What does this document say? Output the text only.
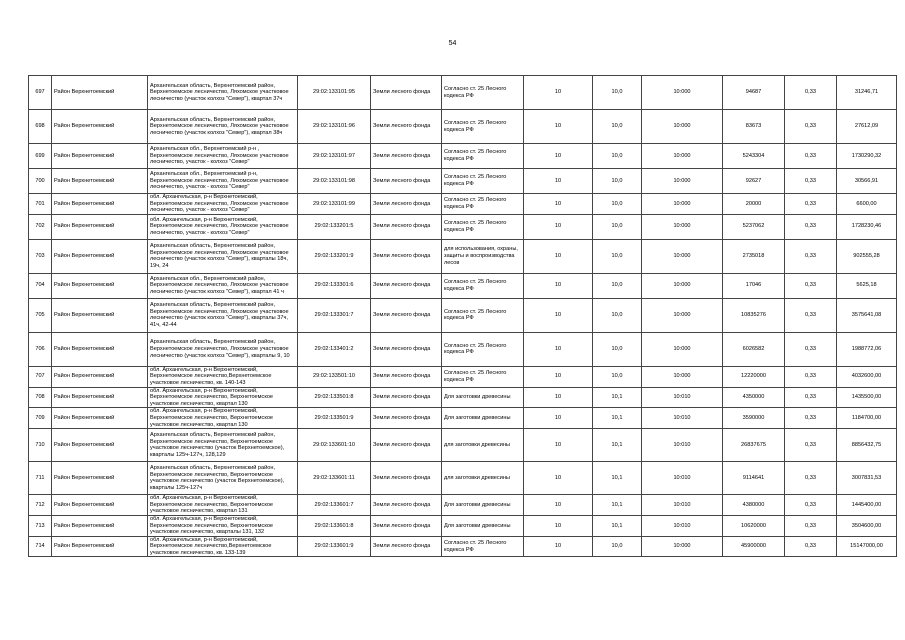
54
697	Район Верхнетоемский	Архангельская область, Верхнетоемский район, Верхнетоемское лесничество, Ляхомское участковое лесничество (участок колхоз "Север"), квартал 37ч	29:02:133101:95	Земли лесного фонда	Согласно ст. 25 Лесного кодекса РФ	10	10,0	10:000	94687	0,33	31246,71
698	Район Верхнетоемский	Архангельская область, Верхнетоемский район, Верхнетоемское лесничество, Ляхомское участковое лесничество (участок колхоз "Север"), квартал 38ч	29:02:133101:96	Земли лесного фонда	Согласно ст. 25 Лесного кодекса РФ	10	10,0	10:000	83673	0,33	27612,09
699	Район Верхнетоемский	Архангельская обл., Верхнетоемский р-н , Верхнетоемское лесничество, Ляхомское участковое лесничество, участок - колхоз "Север"	29:02:133101:97	Земли лесного фонда	Согласно ст. 25 Лесного кодекса РФ	10	10,0	10:000	5243304	0,33	1730290,32
700	Район Верхнетоемский	Архангельская обл., Верхнетоемский р-н, Верхнетоемское лесничество, Ляхомское участковое лесничество, участок - колхоз "Север"	29:02:133101:98	Земли лесного фонда	Согласно ст. 25 Лесного кодекса РФ	10	10,0	10:000	92627	0,33	30566,91
701	Район Верхнетоемский	обл. Архангельская, р-н Верхнетоемский, Верхнетоемское лесничество, Ляхомское участковое лесничество, участок - колхоз "Север"	29:02:133101:99	Земли лесного фонда	Согласно ст. 25 Лесного кодекса РФ	10	10,0	10:000	20000	0,33	6600,00
702	Район Верхнетоемский	обл. Архангельская, р-н Верхнетоемский, Верхнетоемское лесничество, Ляхомское участковое лесничество, участок - колхоз "Север"	29:02:133201:5	Земли лесного фонда	Согласно ст. 25 Лесного кодекса РФ	10	10,0	10:000	5237062	0,33	1728230,46
703	Район Верхнетоемский	Архангельская область, Верхнетоемский район, Верхнетоемское лесничество, Ляхомское участковое лесничество (участок колхоз "Север"), кварталы 18ч, 19ч, 24	29:02:133201:9	Земли лесного фонда	для использования, охраны, защиты и воспроизводства лесов	10	10,0	10:000	2735018	0,33	902555,28
704	Район Верхнетоемский	Архангельская обл., Верхнетоемский район, Верхнетоемское лесничество, Ляхомское участковое лесничество (участок колхоз "Север"), квартал 41 ч	29:02:133301:6	Земли лесного фонда	Согласно ст. 25 Лесного кодекса РФ	10	10,0	10:000	17046	0,33	5625,18
705	Район Верхнетоемский	Архангельская область, Верхнетоемский район, Верхнетоемское лесничество, Ляхомское участковое лесничество (участок колхоз "Север"), кварталы 37ч, 41ч, 42-44	29:02:133301:7	Земли лесного фонда	Согласно ст. 25 Лесного кодекса РФ	10	10,0	10:000	10835276	0,33	3575641,08
706	Район Верхнетоемский	Архангельская область, Верхнетоемский район, Верхнетоемское лесничество, Ляхомское участковое лесничество (участок колхоз "Север"), кварталы 9, 10	29:02:133401:2	Земли лесного фонда	Согласно ст. 25 Лесного кодекса РФ	10	10,0	10:000	6026582	0,33	1988772,06
707	Район Верхнетоемский	обл. Архангельская, р-н Верхнетоемский, Верхнетоемское лесничество,Верхнетоемское участковое лесничество, кв. 140-143	29:02:133501:10	Земли лесного фонда	Согласно ст. 25 Лесного кодекса РФ	10	10,0	10:000	12220000	0,33	4032600,00
708	Район Верхнетоемский	обл. Архангельская, р-н Верхнетоемский, Верхнетоемское лесничество, Верхнетоемское участковое лесничество, квартал 130	29:02:133501:8	Земли лесного фонда	Для заготовки древесины	10	10,1	10:010	4350000	0,33	1435500,00
709	Район Верхнетоемский	обл. Архангельская, р-н Верхнетоемский, Верхнетоемское лесничество, Верхнетоемское участковое лесничество, квартал 130	29:02:133501:9	Земли лесного фонда	Для заготовки древесины	10	10,1	10:010	3590000	0,33	1184700,00
710	Район Верхнетоемский	Архангельская область, Верхнетоемский район, Верхнетоемское лесничество, Верхнетоемское участковое лесничество (участок Верхнетоемское), кварталы 125ч-127ч, 128,129	29:02:133601:10	Земли лесного фонда	для заготовки древесины	10	10,1	10:010	26837675	0,33	8856432,75
711	Район Верхнетоемский	Архангельская область, Верхнетоемский район, Верхнетоемское лесничество, Верхнетоемское участковое лесничество (участок Верхнетоемское), кварталы 125ч-127ч	29:02:133601:11	Земли лесного фонда	для заготовки древесины	10	10,1	10:010	9114641	0,33	3007831,53
712	Район Верхнетоемский	обл. Архангельская, р-н Верхнетоемский, Верхнетоемское лесничество, Верхнетоемское участковое лесничество, квартал 131	29:02:133601:7	Земли лесного фонда	Для заготовки древесины	10	10,1	10:010	4380000	0,33	1445400,00
713	Район Верхнетоемский	обл. Архангельская, р-н Верхнетоемский, Верхнетоемское лесничество, Верхнетоемское участковое лесничество, кварталы 131, 132	29:02:133601:8	Земли лесного фонда	Для заготовки древесины	10	10,1	10:010	10620000	0,33	3504600,00
714	Район Верхнетоемский	обл. Архангельская, р-н Верхнетоемский, Верхнетоемское лесничество,Верхнетоемское участковое лесничество, кв. 133-139	29:02:133601:9	Земли лесного фонда	Согласно ст. 25 Лесного кодекса РФ	10	10,0	10:000	45900000	0,33	15147000,00
